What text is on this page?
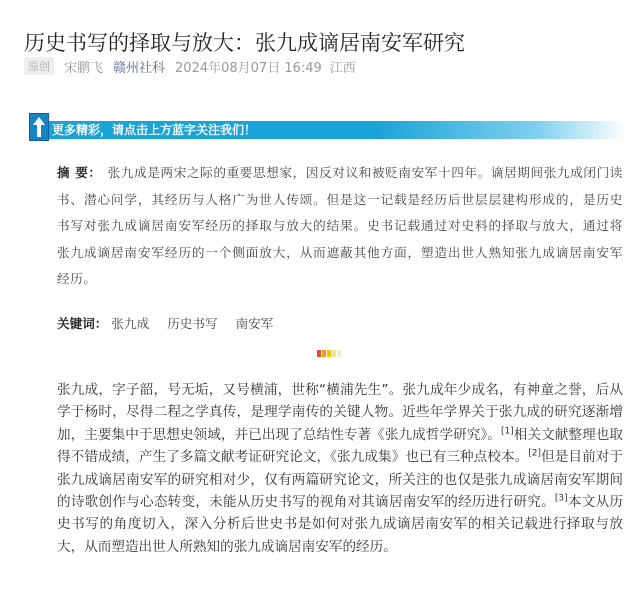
历史书写的择取与放大：张九成谪居南安军研究
原创	宋鹏飞 赣州社科 2024年08月07日 16:49 江西
更多精彩，请点击上方蓝字关注我们！
摘 要： 张九成是两宋之际的重要思想家，因反对议和被贬南安军十四年。谪居期间张九成闭门读书、潜心问学，其经历与人格广为世人传颂。但是这一记载是经历后世层层建构形成的，是历史书写对张九成谪居南安军经历的择取与放大的结果。史书记载通过对史料的择取与放大，通过将张九成谪居南安军经历的一个侧面放大，从而遮蔽其他方面，塑造出世人熟知张九成谪居南安军经历。
关键词： 张九成 历史书写 南安军
张九成，字子韶，号无垢，又号横浦，世称“横浦先生”。张九成年少成名，有神童之誉，后从学于杨时，尽得二程之学真传，是理学南传的关键人物。近些年学界关于张九成的研究逐渐增加，主要集中于思想史领域，并已出现了总结性专著《张九成哲学研究》。[1]相关文献整理也取得不错成绩，产生了多篇文献考证研究论文，《张九成集》也已有三种点校本。[2]但是目前对于张九成谪居南安军的研究相对少，仅有两篇研究论文，所关注的也仅是张九成谪居南安军期间的诗歌创作与心态转变，未能从历史书写的视角对其谪居南安军的经历进行研究。[3]本文从历史书写的角度切入，深入分析后世史书是如何对张九成谪居南安军的相关记载进行择取与放大，从而塑造出世人所熟知的张九成谪居南安军的经历。
